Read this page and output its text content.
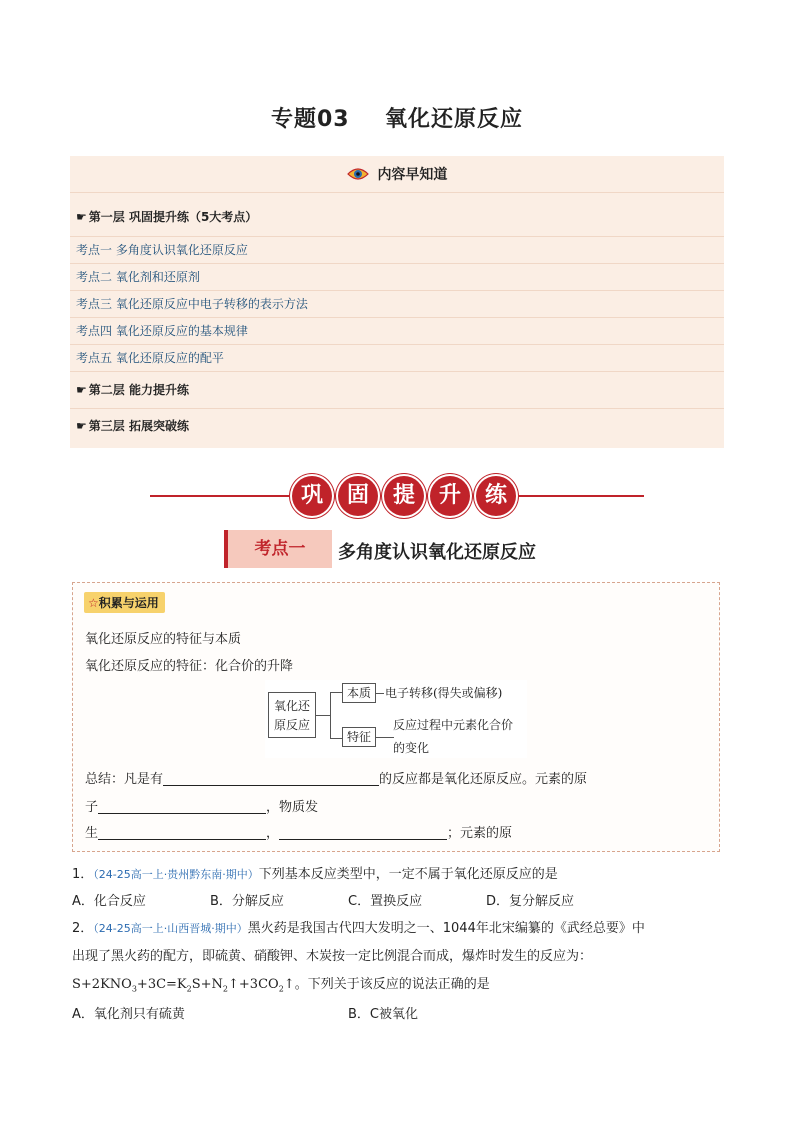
专题03 氧化还原反应
内容早知道
☛ 第一层 巩固提升练（5大考点）
考点一 多角度认识氧化还原反应
考点二 氧化剂和还原剂
考点三 氧化还原反应中电子转移的表示方法
考点四 氧化还原反应的基本规律
考点五 氧化还原反应的配平
☛ 第二层 能力提升练
☛ 第三层 拓展突破练
巩	固	提	升	练
考点一	多角度认识氧化还原反应
☆积累与运用
氧化还原反应的特征与本质
氧化还原反应的特征：化合价的升降
氧化还
原反应
本质	电子转移(得失或偏移)
特征
反应过程中元素化合价
的变化
总结：凡是有	的反应都是氧化还原反应。元素的原
子	，物质发
生	，	；元素的原
1．（24-25高一上·贵州黔东南·期中）下列基本反应类型中，一定不属于氧化还原反应的是
A．化合反应	B．分解反应	C．置换反应	D．复分解反应
2．（24-25高一上·山西晋城·期中）黑火药是我国古代四大发明之一、1044年北宋编纂的《武经总要》中
出现了黑火药的配方，即硫黄、硝酸钾、木炭按一定比例混合而成，爆炸时发生的反应为：
$S+2KNO_3+3C=K_2S+N_2↑+3CO_2↑$。下列关于该反应的说法正确的是
A．氧化剂只有硫黄	B．C被氧化
